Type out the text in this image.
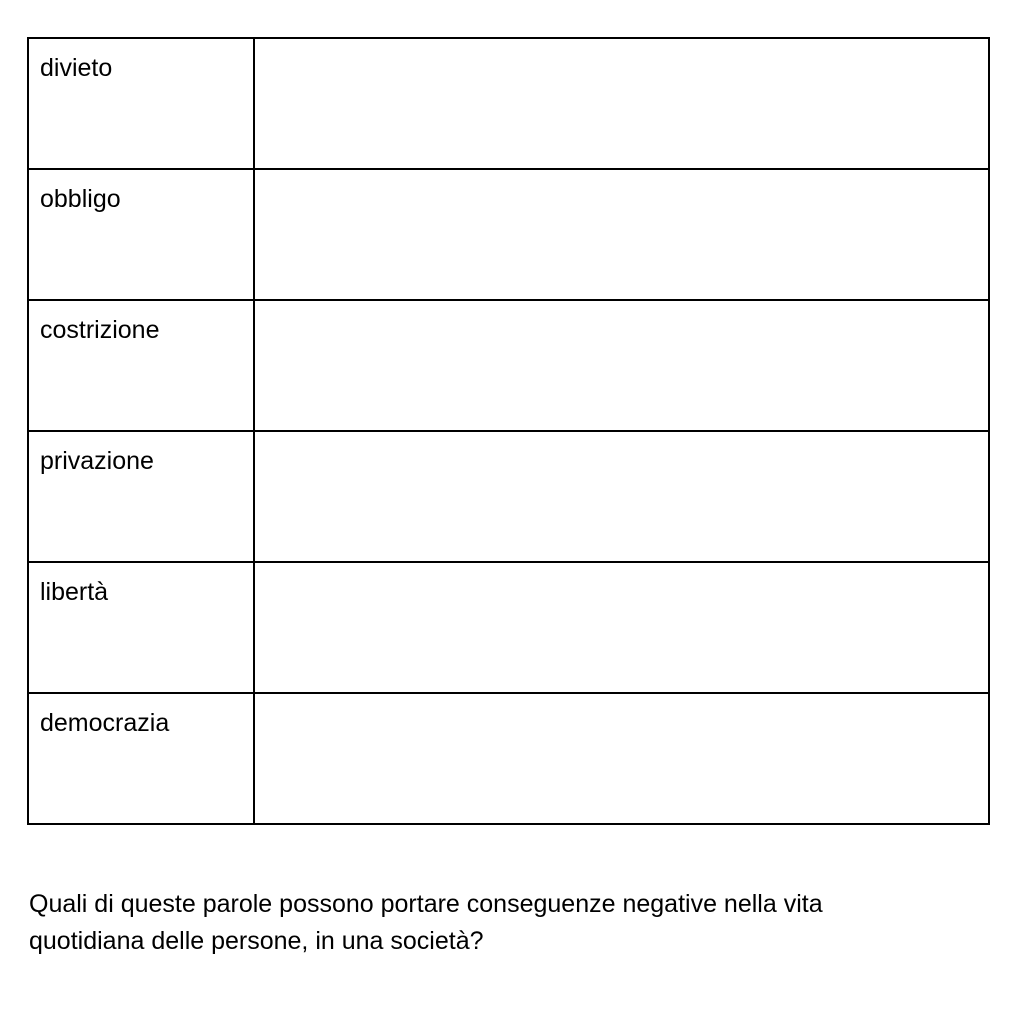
divieto	

obbligo	

costrizione	

privazione	

libertà	

democrazia	

Quali di queste parole possono portare conseguenze negative nella vita
quotidiana delle persone, in una società?
